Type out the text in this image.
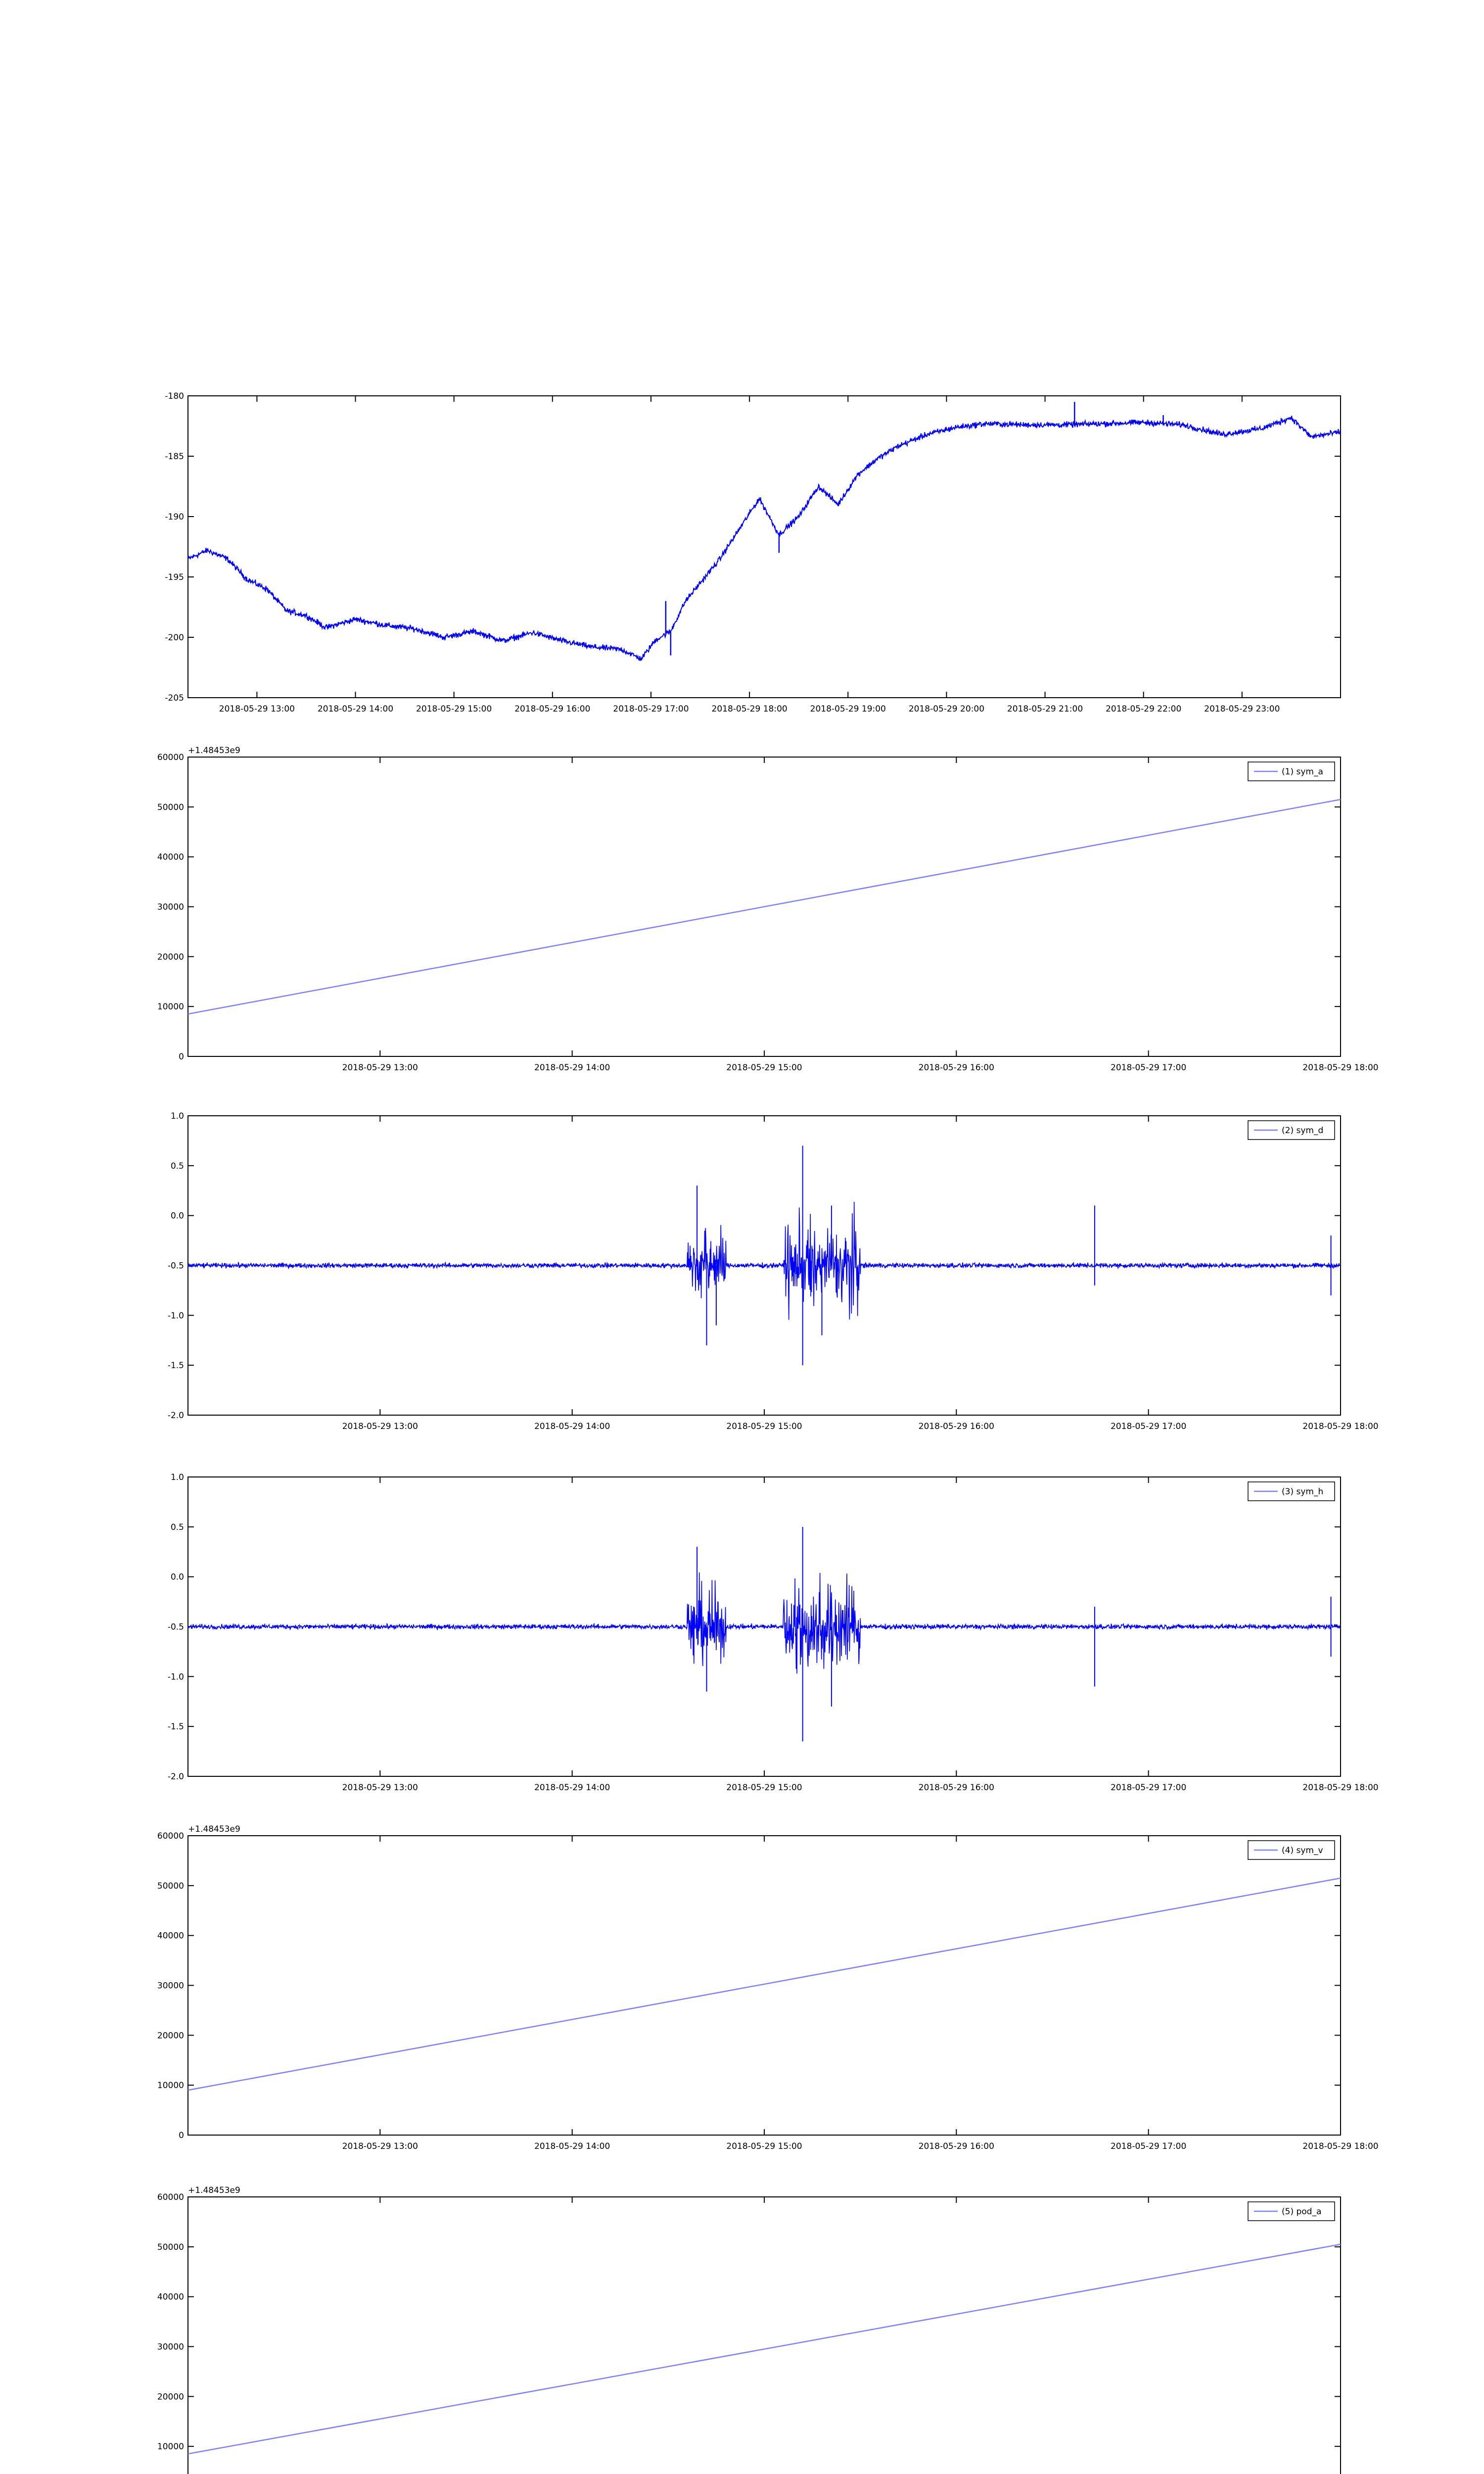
2018-05-29 13:00	2018-05-29 14:00	2018-05-29 15:00	2018-05-29 16:00	2018-05-29 17:00	2018-05-29 18:00	2018-05-29 19:00	2018-05-29 20:00	2018-05-29 21:00	2018-05-29 22:00	2018-05-29 23:00
-180
-185
-190
-195
-200
-205
2018-05-29 13:00	2018-05-29 14:00	2018-05-29 15:00	2018-05-29 16:00	2018-05-29 17:00	2018-05-29 18:00
0
10000
20000
30000
40000
50000
60000
+1.48453e9
(1) sym_a
2018-05-29 13:00	2018-05-29 14:00	2018-05-29 15:00	2018-05-29 16:00	2018-05-29 17:00	2018-05-29 18:00
1.0
0.5
0.0
-0.5
-1.0
-1.5
-2.0
(2) sym_d
2018-05-29 13:00	2018-05-29 14:00	2018-05-29 15:00	2018-05-29 16:00	2018-05-29 17:00	2018-05-29 18:00
1.0
0.5
0.0
-0.5
-1.0
-1.5
-2.0
(3) sym_h
2018-05-29 13:00	2018-05-29 14:00	2018-05-29 15:00	2018-05-29 16:00	2018-05-29 17:00	2018-05-29 18:00
0
10000
20000
30000
40000
50000
60000
+1.48453e9
(4) sym_v
10000
20000
30000
40000
50000
60000
+1.48453e9
(5) pod_a
